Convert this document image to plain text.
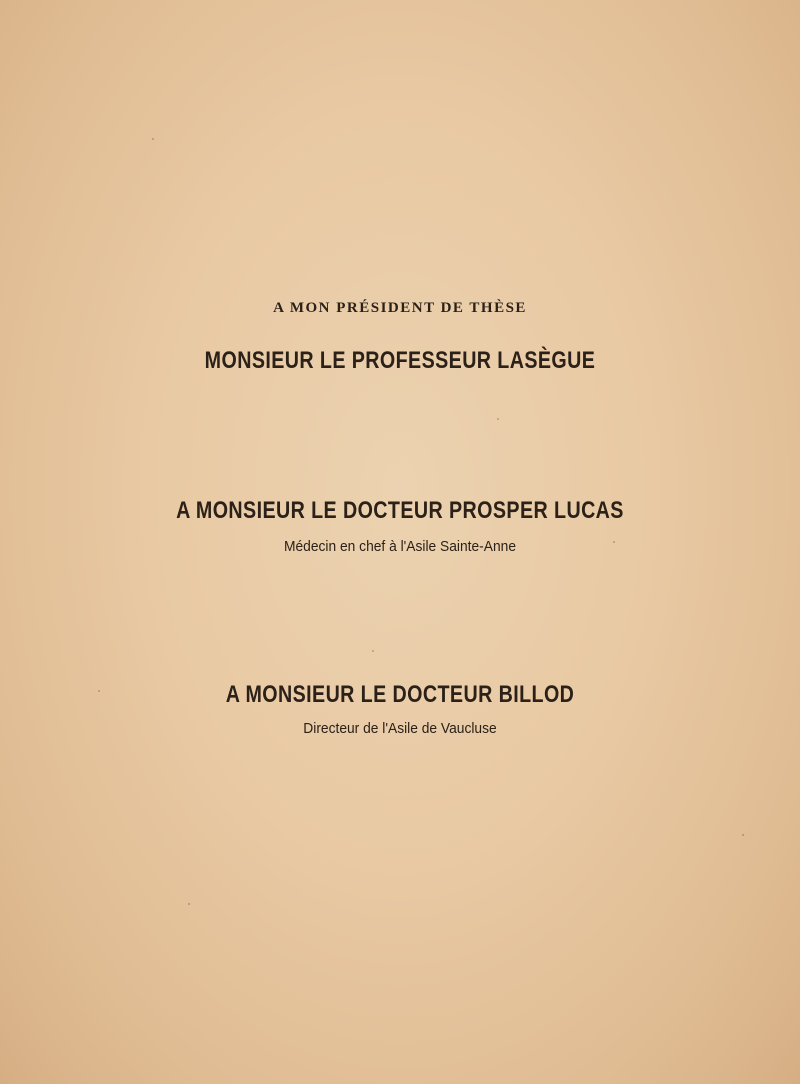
A MON PRÉSIDENT DE THÈSE
MONSIEUR LE PROFESSEUR LASÈGUE
A MONSIEUR LE DOCTEUR PROSPER LUCAS
Médecin en chef à l'Asile Sainte-Anne
A MONSIEUR LE DOCTEUR BILLOD
Directeur de l'Asile de Vaucluse
